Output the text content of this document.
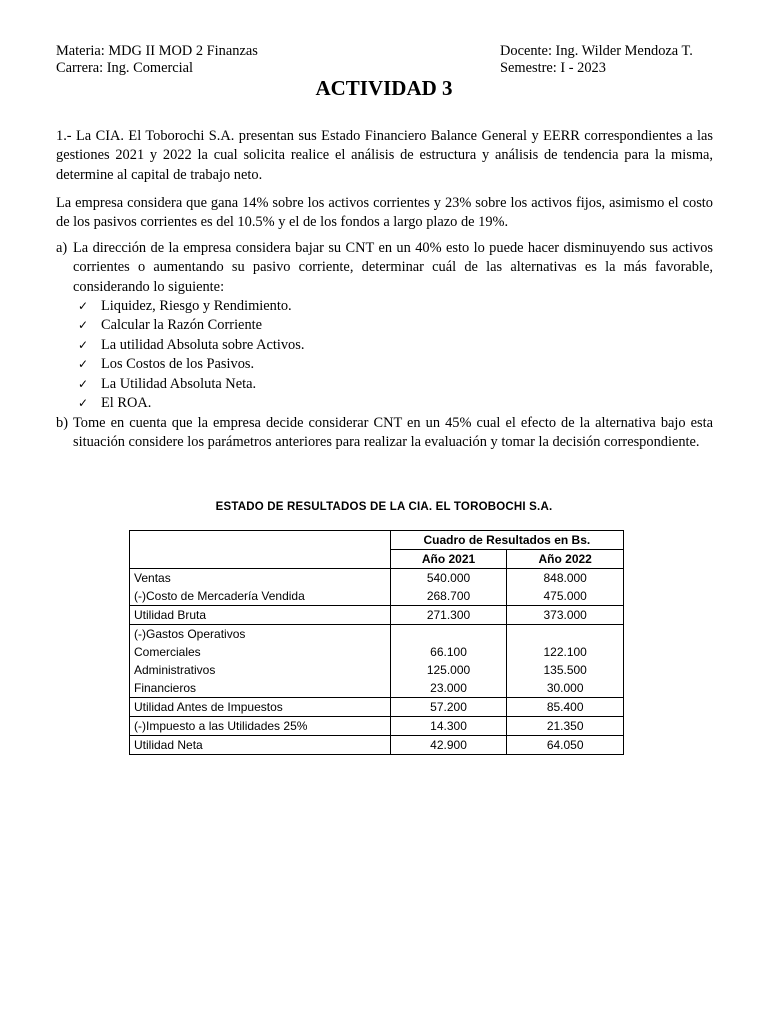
Materia: MDG II MOD 2 Finanzas	Docente: Ing. Wilder Mendoza T.
Carrera: Ing. Comercial	Semestre: I - 2023
ACTIVIDAD 3
1.- La CIA. El Toborochi S.A. presentan sus Estado Financiero Balance General y EERR correspondientes a las gestiones 2021 y 2022 la cual solicita realice el análisis de estructura y análisis de tendencia para la misma, determine al capital de trabajo neto.
La empresa considera que gana 14% sobre los activos corrientes y 23% sobre los activos fijos, asimismo el costo de los pasivos corrientes es del 10.5% y el de los fondos a largo plazo de 19%.
a) La dirección de la empresa considera bajar su CNT en un 40% esto lo puede hacer disminuyendo sus activos corrientes o aumentando su pasivo corriente, determinar cuál de las alternativas es la más favorable, considerando lo siguiente:
✓ Liquidez, Riesgo y Rendimiento.
✓ Calcular la Razón Corriente
✓ La utilidad Absoluta sobre Activos.
✓ Los Costos de los Pasivos.
✓ La Utilidad Absoluta Neta.
✓ El ROA.
b) Tome en cuenta que la empresa decide considerar CNT en un 45% cual el efecto de la alternativa bajo esta situación considere los parámetros anteriores para realizar la evaluación y tomar la decisión correspondiente.
ESTADO DE RESULTADOS DE LA CIA. EL TOROBOCHI S.A.
	Cuadro de Resultados en Bs.	
	Año 2021	Año 2022
Ventas	540.000	848.000
(-)Costo de Mercadería Vendida	268.700	475.000
Utilidad Bruta	271.300	373.000
(-)Gastos Operativos		
Comerciales	66.100	122.100
Administrativos	125.000	135.500
Financieros	23.000	30.000
Utilidad Antes de Impuestos	57.200	85.400
(-)Impuesto a las Utilidades 25%	14.300	21.350
Utilidad Neta	42.900	64.050
